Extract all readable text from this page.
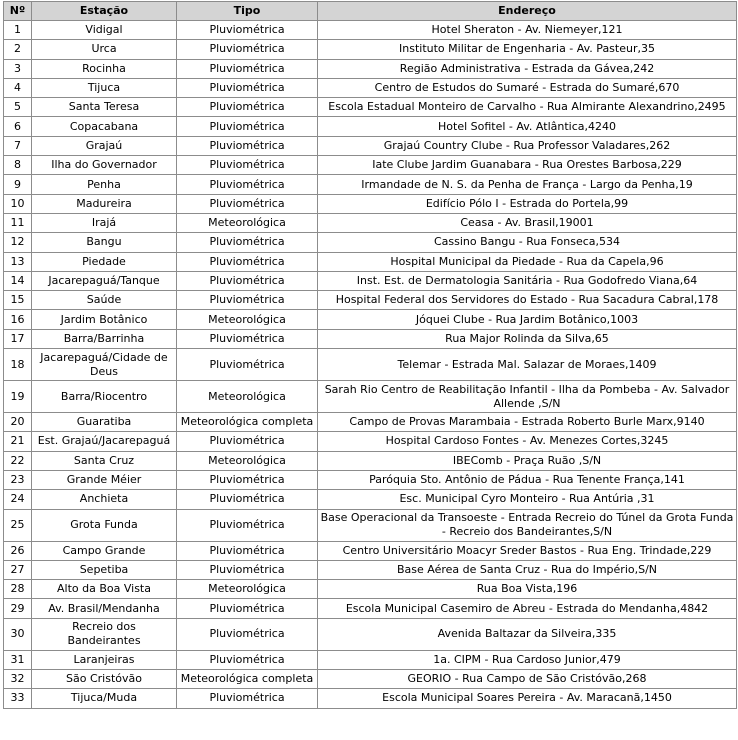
Nº	Estação	Tipo	Endereço
1	Vidigal	Pluviométrica	Hotel Sheraton - Av. Niemeyer,121
2	Urca	Pluviométrica	Instituto Militar de Engenharia - Av. Pasteur,35
3	Rocinha	Pluviométrica	Região Administrativa - Estrada da Gávea,242
4	Tijuca	Pluviométrica	Centro de Estudos do Sumaré - Estrada do Sumaré,670
5	Santa Teresa	Pluviométrica	Escola Estadual Monteiro de Carvalho - Rua Almirante Alexandrino,2495
6	Copacabana	Pluviométrica	Hotel Sofitel - Av. Atlântica,4240
7	Grajaú	Pluviométrica	Grajaú Country Clube - Rua Professor Valadares,262
8	Ilha do Governador	Pluviométrica	Iate Clube Jardim Guanabara - Rua Orestes Barbosa,229
9	Penha	Pluviométrica	Irmandade de N. S. da Penha de França - Largo da Penha,19
10	Madureira	Pluviométrica	Edifício Pólo I - Estrada do Portela,99
11	Irajá	Meteorológica	Ceasa - Av. Brasil,19001
12	Bangu	Pluviométrica	Cassino Bangu - Rua Fonseca,534
13	Piedade	Pluviométrica	Hospital Municipal da Piedade - Rua da Capela,96
14	Jacarepaguá/Tanque	Pluviométrica	Inst. Est. de Dermatologia Sanitária - Rua Godofredo Viana,64
15	Saúde	Pluviométrica	Hospital Federal dos Servidores do Estado - Rua Sacadura Cabral,178
16	Jardim Botânico	Meteorológica	Jóquei Clube - Rua Jardim Botânico,1003
17	Barra/Barrinha	Pluviométrica	Rua Major Rolinda da Silva,65
18	Jacarepaguá/Cidade de Deus	Pluviométrica	Telemar - Estrada Mal. Salazar de Moraes,1409
19	Barra/Riocentro	Meteorológica	Sarah Rio Centro de Reabilitação Infantil - Ilha da Pombeba - Av. Salvador Allende ,S/N
20	Guaratiba	Meteorológica completa	Campo de Provas Marambaia - Estrada Roberto Burle Marx,9140
21	Est. Grajaú/Jacarepaguá	Pluviométrica	Hospital Cardoso Fontes - Av. Menezes Cortes,3245
22	Santa Cruz	Meteorológica	IBEComb - Praça Ruão ,S/N
23	Grande Méier	Pluviométrica	Paróquia Sto. Antônio de Pádua - Rua Tenente França,141
24	Anchieta	Pluviométrica	Esc. Municipal Cyro Monteiro - Rua Antúria ,31
25	Grota Funda	Pluviométrica	Base Operacional da Transoeste - Entrada Recreio do Túnel da Grota Funda - Recreio dos Bandeirantes,S/N
26	Campo Grande	Pluviométrica	Centro Universitário Moacyr Sreder Bastos - Rua Eng. Trindade,229
27	Sepetiba	Pluviométrica	Base Aérea de Santa Cruz - Rua do Império,S/N
28	Alto da Boa Vista	Meteorológica	Rua Boa Vista,196
29	Av. Brasil/Mendanha	Pluviométrica	Escola Municipal Casemiro de Abreu - Estrada do Mendanha,4842
30	Recreio dos Bandeirantes	Pluviométrica	Avenida Baltazar da Silveira,335
31	Laranjeiras	Pluviométrica	1a. CIPM - Rua Cardoso Junior,479
32	São Cristóvão	Meteorológica completa	GEORIO - Rua Campo de São Cristóvão,268
33	Tijuca/Muda	Pluviométrica	Escola Municipal Soares Pereira - Av. Maracanã,1450
